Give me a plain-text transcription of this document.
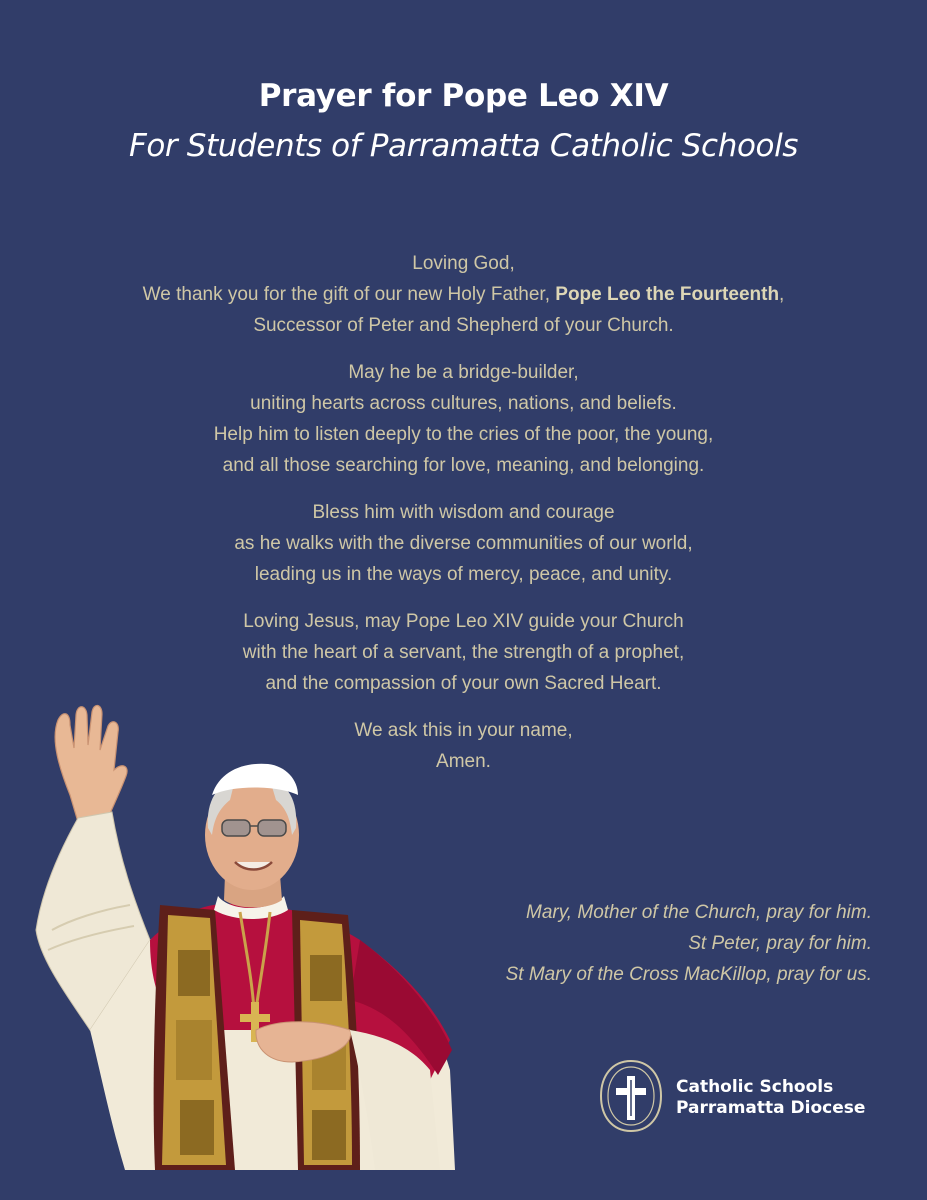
Prayer for Pope Leo XIV
For Students of Parramatta Catholic Schools
Loving God,
We thank you for the gift of our new Holy Father, Pope Leo the Fourteenth,
Successor of Peter and Shepherd of your Church.
May he be a bridge-builder,
uniting hearts across cultures, nations, and beliefs.
Help him to listen deeply to the cries of the poor, the young,
and all those searching for love, meaning, and belonging.
Bless him with wisdom and courage
as he walks with the diverse communities of our world,
leading us in the ways of mercy, peace, and unity.
Loving Jesus, may Pope Leo XIV guide your Church
with the heart of a servant, the strength of a prophet,
and the compassion of your own Sacred Heart.
We ask this in your name,
Amen.
Mary, Mother of the Church, pray for him.
St Peter, pray for him.
St Mary of the Cross MacKillop, pray for us.
Catholic Schools
Parramatta Diocese
